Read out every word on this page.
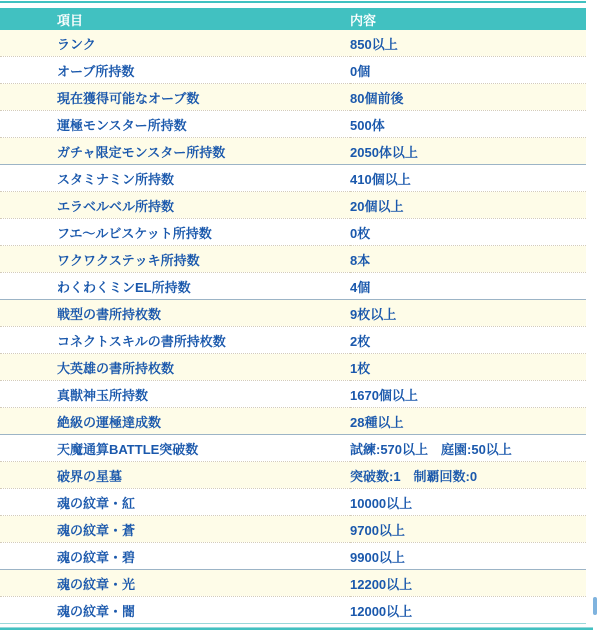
項目	内容
ランク	850以上
オーブ所持数	0個
現在獲得可能なオーブ数	80個前後
運極モンスター所持数	500体
ガチャ限定モンスター所持数	2050体以上
スタミナミン所持数	410個以上
エラベルベル所持数	20個以上
フエ〜ルビスケット所持数	0枚
ワクワクステッキ所持数	8本
わくわくミンEL所持数	4個
戦型の書所持枚数	9枚以上
コネクトスキルの書所持枚数	2枚
大英雄の書所持枚数	1枚
真獣神玉所持数	1670個以上
絶級の運極達成数	28種以上
天魔通算BATTLE突破数	試練:570以上　庭園:50以上
破界の星墓	突破数:1　制覇回数:0
魂の紋章・紅	10000以上
魂の紋章・蒼	9700以上
魂の紋章・碧	9900以上
魂の紋章・光	12200以上
魂の紋章・闇	12000以上
